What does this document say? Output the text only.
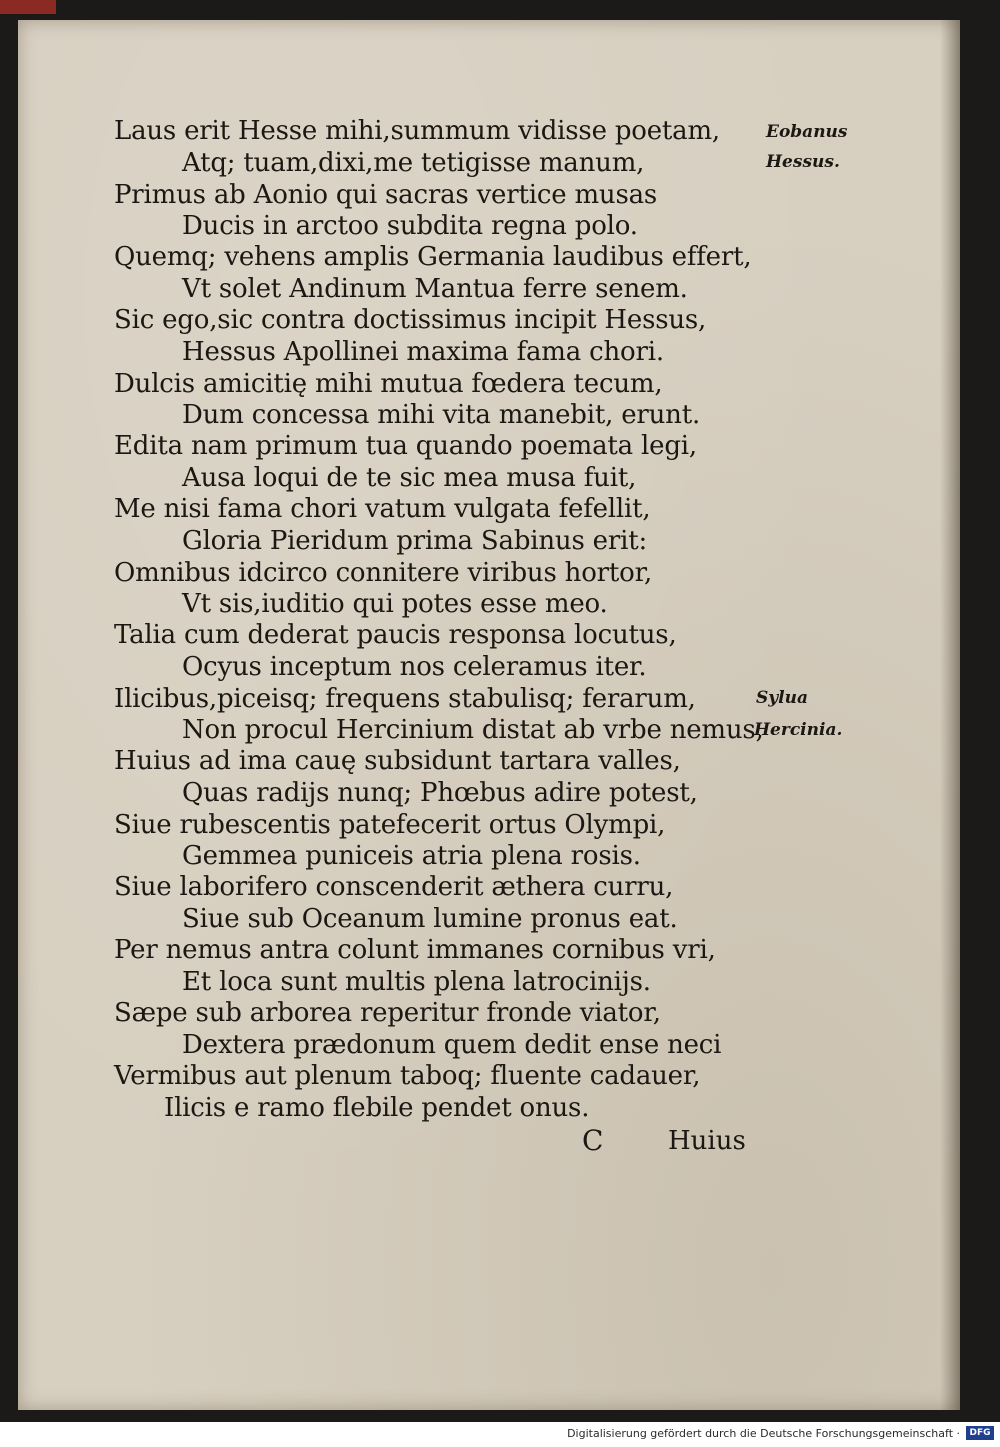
Laus erit Hesse mihi,summum vidisse poetam,
Atq; tuam,dixi,me tetigisse manum,
Primus ab Aonio qui sacras vertice musas
Ducis in arctoo subdita regna polo.
Quemq; vehens amplis Germania laudibus effert,
Vt solet Andinum Mantua ferre senem.
Sic ego,sic contra doctissimus incipit Hessus,
Hessus Apollinei maxima fama chori.
Dulcis amicitię mihi mutua fœdera tecum,
Dum concessa mihi vita manebit, erunt.
Edita nam primum tua quando poemata legi,
Ausa loqui de te sic mea musa fuit,
Me nisi fama chori vatum vulgata fefellit,
Gloria Pieridum prima Sabinus erit:
Omnibus idcirco connitere viribus hortor,
Vt sis,iuditio qui potes esse meo.
Talia cum dederat paucis responsa locutus,
Ocyus inceptum nos celeramus iter.
Ilicibus,piceisq; frequens stabulisq; ferarum,
Non procul Hercinium distat ab vrbe nemus,
Huius ad ima cauę subsidunt tartara valles,
Quas radijs nunq; Phœbus adire potest,
Siue rubescentis patefecerit ortus Olympi,
Gemmea puniceis atria plena rosis.
Siue laborifero conscenderit æthera curru,
Siue sub Oceanum lumine pronus eat.
Per nemus antra colunt immanes cornibus vri,
Et loca sunt multis plena latrocinijs.
Sæpe sub arborea reperitur fronde viator,
Dextera prædonum quem dedit ense neci
Vermibus aut plenum taboq; fluente cadauer,
Ilicis e ramo flebile pendet onus.
Eobanus
Hessus.
Sylua
Hercinia.
C Huius
Digitalisierung gefördert durch die Deutsche Forschungsgemeinschaft ·	DFG
